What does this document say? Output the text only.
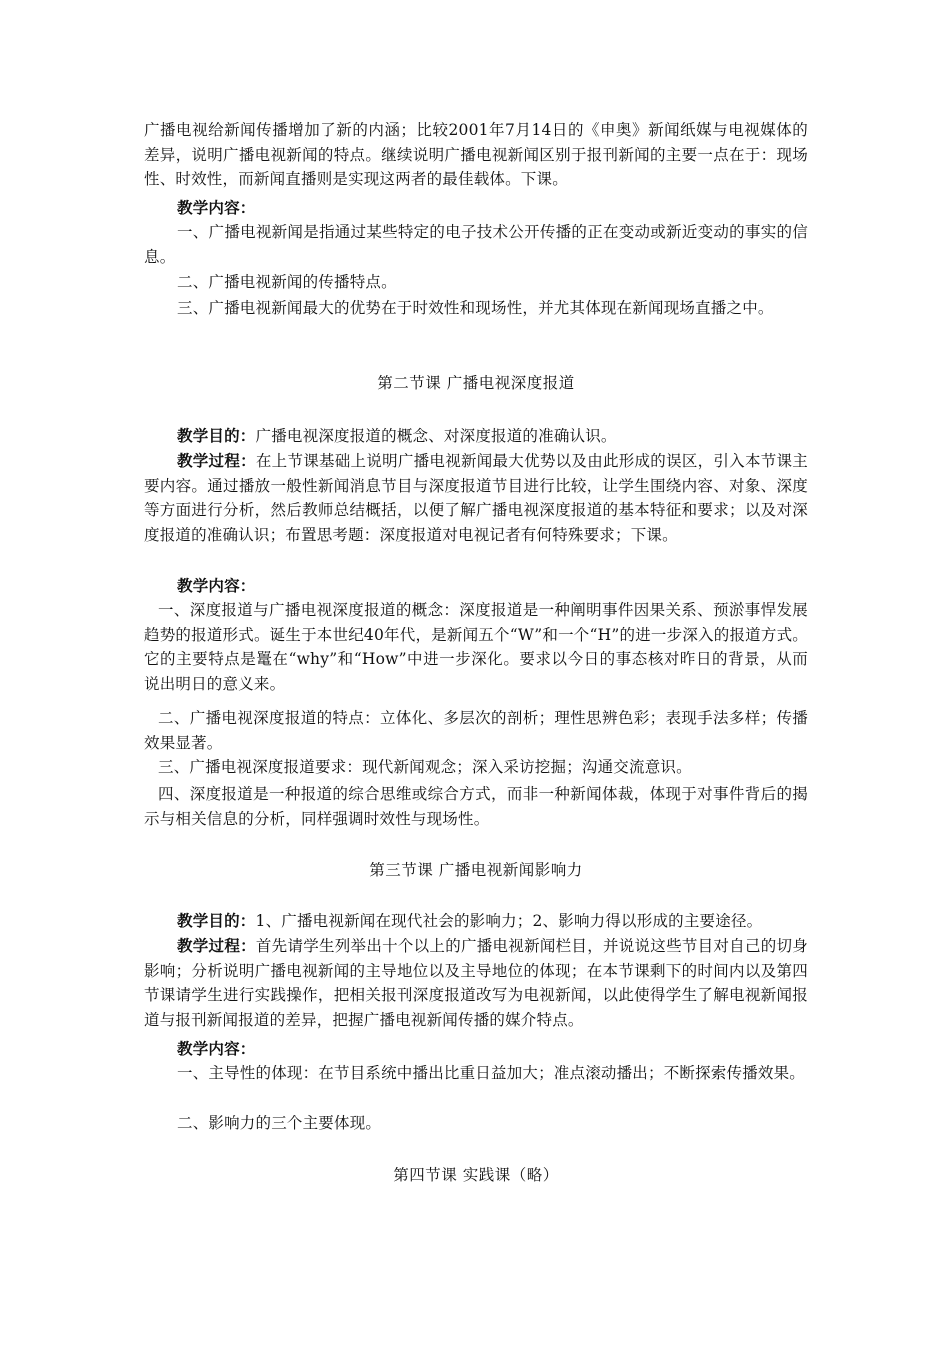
广播电视给新闻传播增加了新的内涵；比较2001年7月14日的《申奥》新闻纸媒与电视媒体的差异，说明广播电视新闻的特点。继续说明广播电视新闻区别于报刊新闻的主要一点在于：现场性、时效性，而新闻直播则是实现这两者的最佳载体。下课。

教学内容：

一、广播电视新闻是指通过某些特定的电子技术公开传播的正在变动或新近变动的事实的信息。

二、广播电视新闻的传播特点。

三、广播电视新闻最大的优势在于时效性和现场性，并尤其体现在新闻现场直播之中。

第二节课 广播电视深度报道

教学目的：广播电视深度报道的概念、对深度报道的准确认识。

教学过程：在上节课基础上说明广播电视新闻最大优势以及由此形成的误区，引入本节课主要内容。通过播放一般性新闻消息节目与深度报道节目进行比较，让学生围绕内容、对象、深度等方面进行分析，然后教师总结概括，以便了解广播电视深度报道的基本特征和要求；以及对深度报道的准确认识；布置思考题：深度报道对电视记者有何特殊要求；下课。

教学内容：

一、深度报道与广播电视深度报道的概念：深度报道是一种阐明事件因果关系、预淤事悍发展趋势的报道形式。诞生于本世纪40年代，是新闻五个“W”和一个“H”的进一步深入的报道方式。它的主要特点是鼍在“why”和“How”中进一步深化。要求以今日的事态核对昨日的背景，从而说出明日的意义来。

二、广播电视深度报道的特点：立体化、多层次的剖析；理性思辨色彩；表现手法多样；传播效果显著。

三、广播电视深度报道要求：现代新闻观念；深入采访挖掘；沟通交流意识。

四、深度报道是一种报道的综合思维或综合方式，而非一种新闻体裁，体现于对事件背后的揭示与相关信息的分析，同样强调时效性与现场性。

第三节课 广播电视新闻影响力

教学目的：1、广播电视新闻在现代社会的影响力；2、影响力得以形成的主要途径。

教学过程：首先请学生列举出十个以上的广播电视新闻栏目，并说说这些节目对自己的切身影响；分析说明广播电视新闻的主导地位以及主导地位的体现；在本节课剩下的时间内以及第四节课请学生进行实践操作，把相关报刊深度报道改写为电视新闻，以此使得学生了解电视新闻报道与报刊新闻报道的差异，把握广播电视新闻传播的媒介特点。

教学内容：

一、主导性的体现：在节目系统中播出比重日益加大；准点滚动播出；不断探索传播效果。

二、影响力的三个主要体现。

第四节课 实践课（略）
